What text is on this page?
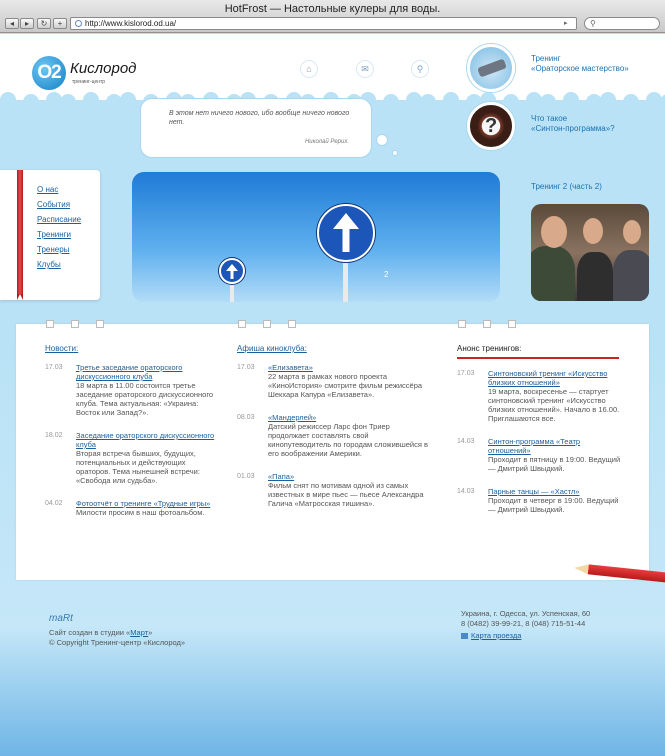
HotFrost — Настольные кулеры для воды.
◂	▸	↻	+	http://www.kislorod.od.ua/	▸	⚲
O2 Кислород
тренинг-центр
⌂	✉	⚲
Тренинг
«Ораторское мастерство»
?	Что такое
«Синтон-программа»?
В этом нет ничего нового, ибо вообще ничего нового нет.
Николай Рерих.
О нас
События
Расписание
Тренинги
Тренеры
Клубы
2
Тренинг 2 (часть 2)
Новости:
17.03 Третье заседание ораторского дискуссионного клуба
18 марта в 11.00 состоится третье заседание ораторского дискуссионного клуба. Тема актуальная: «Украина: Восток или Запад?».
18.02 Заседание ораторского дискуссионного клуба
Вторая встреча бывших, будущих, потенциальных и действующих ораторов. Тема нынешней встречи: «Свобода или судьба».
04.02 Фотоотчёт о тренинге «Трудные игры»
Милости просим в наш фотоальбом.
Афиша киноклуба:
17.03 «Елизавета»
22 марта в рамках нового проекта «КиноИстория» смотрите фильм режиссёра Шекхара Капура «Елизавета».
08.03 «Мандерлей»
Датский режиссер Ларс фон Триер продолжает составлять свой кинопутеводитель по городам сложившейся в его воображении Америки.
01.03 «Папа»
Фильм снят по мотивам одной из самых известных в мире пьес — пьесе Александра Галича «Матросская тишина».
Анонс тренингов:
17.03 Синтоновский тренинг «Искусство близких отношений»
19 марта, воскресенье — стартует синтоновский тренинг «Искусство близких отношений». Начало в 16.00. Приглашаются все.
14.03 Синтон-программа «Театр отношений»
Проходит в пятницу в 19:00. Ведущий — Дмитрий Швыдкий.
14.03 Парные танцы — «Хастл»
Проходит в четверг в 19:00. Ведущий — Дмитрий Швыдкий.
maRt
Сайт создан в студии «Март»
© Copyright Тренинг-центр «Кислород»
Украина, г. Одесса, ул. Успенская, 60
8 (0482) 39-99-21, 8 (048) 715-51-44
Карта проезда
